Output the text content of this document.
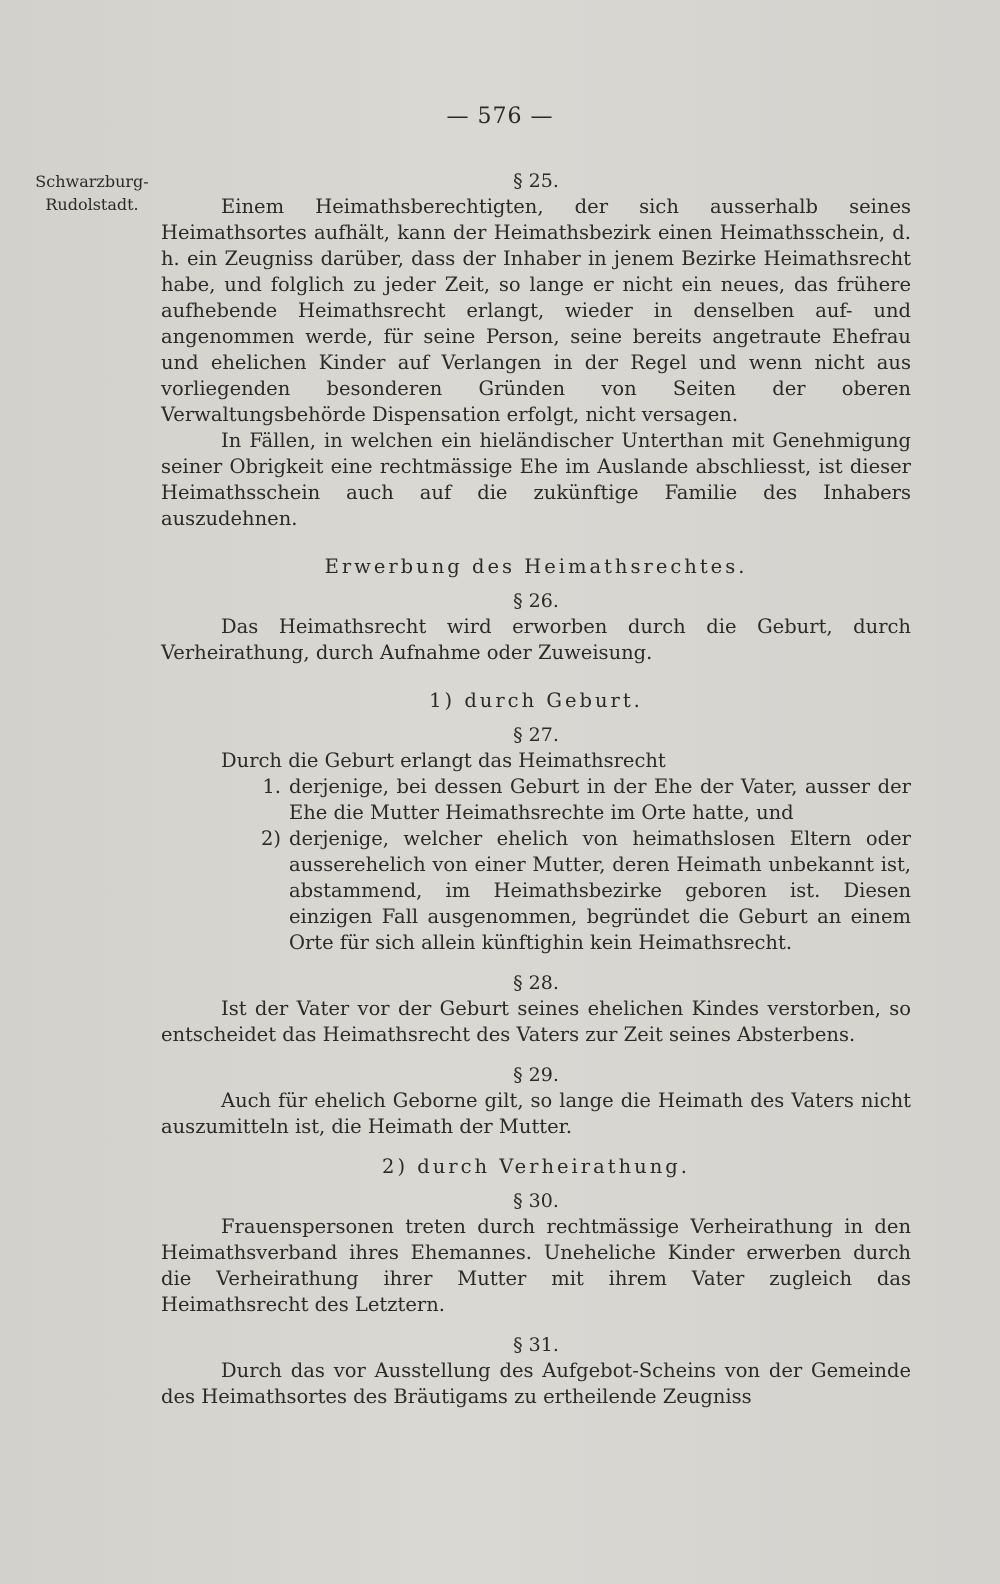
— 576 —
Schwarzburg-Rudolstadt.

§ 25.

Einem Heimathsberechtigten, der sich ausserhalb seines Heimathsortes aufhält, kann der Heimathsbezirk einen Heimathsschein, d. h. ein Zeugniss darüber, dass der Inhaber in jenem Bezirke Heimathsrecht habe, und folglich zu jeder Zeit, so lange er nicht ein neues, das frühere aufhebende Heimathsrecht erlangt, wieder in denselben auf- und angenommen werde, für seine Person, seine bereits angetraute Ehefrau und ehelichen Kinder auf Verlangen in der Regel und wenn nicht aus vorliegenden besonderen Gründen von Seiten der oberen Verwaltungsbehörde Dispensation erfolgt, nicht versagen.

In Fällen, in welchen ein hieländischer Unterthan mit Genehmigung seiner Obrigkeit eine rechtmässige Ehe im Auslande abschliesst, ist dieser Heimathsschein auch auf die zukünftige Familie des Inhabers auszudehnen.

Erwerbung des Heimathsrechtes.

§ 26.

Das Heimathsrecht wird erworben durch die Geburt, durch Verheirathung, durch Aufnahme oder Zuweisung.

1) durch Geburt.

§ 27.

Durch die Geburt erlangt das Heimathsrecht

1. derjenige, bei dessen Geburt in der Ehe der Vater, ausser der Ehe die Mutter Heimathsrechte im Orte hatte, und
2) derjenige, welcher ehelich von heimathslosen Eltern oder ausserehelich von einer Mutter, deren Heimath unbekannt ist, abstammend, im Heimathsbezirke geboren ist. Diesen einzigen Fall ausgenommen, begründet die Geburt an einem Orte für sich allein künftighin kein Heimathsrecht.

§ 28.

Ist der Vater vor der Geburt seines ehelichen Kindes verstorben, so entscheidet das Heimathsrecht des Vaters zur Zeit seines Absterbens.

§ 29.

Auch für ehelich Geborne gilt, so lange die Heimath des Vaters nicht auszumitteln ist, die Heimath der Mutter.

2) durch Verheirathung.

§ 30.

Frauenspersonen treten durch rechtmässige Verheirathung in den Heimathsverband ihres Ehemannes. Uneheliche Kinder erwerben durch die Verheirathung ihrer Mutter mit ihrem Vater zugleich das Heimathsrecht des Letztern.

§ 31.

Durch das vor Ausstellung des Aufgebot-Scheins von der Gemeinde des Heimathsortes des Bräutigams zu ertheilende Zeugniss
